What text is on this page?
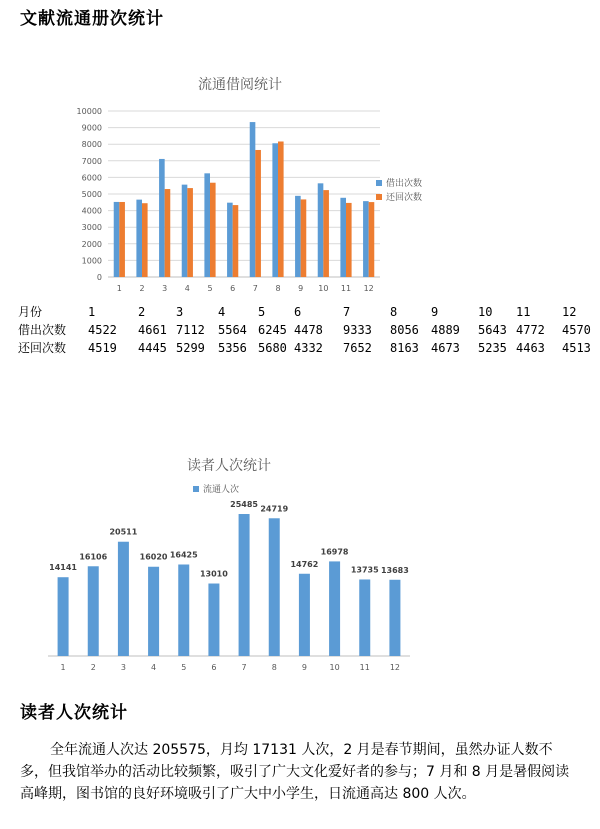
文献流通册次统计
流通借阅统计
0
1000
2000
3000
4000
5000
6000
7000
8000
9000
10000
1 2 3 4 5 6 7 8 9 10 11 12
借出次数
还回次数
月份	1	2	3	4	5 6	7	8	9	10 11	12
借出次数 4522 4661 7112 5564 6245 4478 9333 8056 4889 5643 4772 4570
还回次数 4519 4445 5299 5356 5680 4332 7652 8163 4673 5235 4463 4513
读者人次统计
流通人次
14141
1
16106
2
20511
3
16020
4
16425
5
13010
6
25485
7
24719
8
14762
9
16978
10
13735
11
13683
12
读者人次统计
全年流通人次达 205575，月均 17131 人次，2 月是春节期间，虽然办证人数不多，但我馆举办的活动比较频繁，吸引了广大文化爱好者的参与；7 月和 8 月是暑假阅读高峰期，图书馆的良好环境吸引了广大中小学生，日流通高达 800 人次。
